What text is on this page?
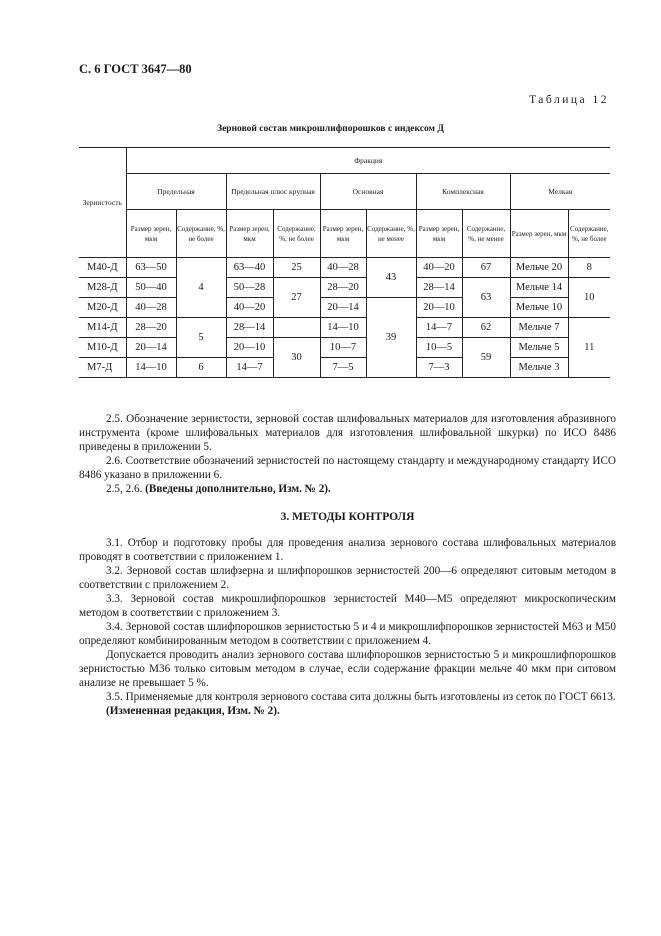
С. 6 ГОСТ 3647—80
Таблица 12
Зерновой состав микрошлифпорошков с индексом Д
Зернистость	Фракция									
	Предельная		Предельная плюс крупная		Основная		Комплексная		Мелкая	
	Размер зерен, мкм	Содержание, %, не более	Размер зерен, мкм	Содержание, %, не более	Размер зерен, мкм	Содержание, %, не менее	Размер зерен, мкм	Содержание, %, не менее	Размер зерен, мкм	Содержание, %, не более
М40-Д	63—50	4	63—40	25	40—28	43	40—20	67	Мельче 20	8
М28-Д	50—40		50—28	27	28—20		28—14	63	Мельче 14	10
М20-Д	40—28		40—20		20—14	39	20—10		Мельче 10	
М14-Д	28—20	5	28—14		14—10		14—7	62	Мельче 7	11
М10-Д	20—14		20—10	30	10—7		10—5	59	Мельче 5	
М7-Д	14—10	6	14—7		7—5		7—3		Мельче 3	

2.5. Обозначение зернистости, зерновой состав шлифовальных материалов для изготовления абразивного инструмента (кроме шлифовальных материалов для изготовления шлифовальной шкурки) по ИСО 8486 приведены в приложении 5.

2.6. Соответствие обозначений зернистостей по настоящему стандарту и международному стандарту ИСО 8486 указано в приложении 6.

2.5, 2.6. (Введены дополнительно, Изм. № 2).

3. МЕТОДЫ КОНТРОЛЯ

3.1. Отбор и подготовку пробы для проведения анализа зернового состава шлифовальных материалов проводят в соответствии с приложением 1.

3.2. Зерновой состав шлифзерна и шлифпорошков зернистостей 200—6 определяют ситовым методом в соответствии с приложением 2.

3.3. Зерновой состав микрошлифпорошков зернистостей М40—М5 определяют микроскопическим методом в соответствии с приложением 3.

3.4. Зерновой состав шлифпорошков зернистостью 5 и 4 и микрошлифпорошков зернистостей М63 и М50 определяют комбинированным методом в соответствии с приложением 4.

Допускается проводить анализ зернового состава шлифпорошков зернистостью 5 и микрошлифпорошков зернистостью М36 только ситовым методом в случае, если содержание фракции мельче 40 мкм при ситовом анализе не превышает 5 %.

3.5. Применяемые для контроля зернового состава сита должны быть изготовлены из сеток по ГОСТ 6613.

(Измененная редакция, Изм. № 2).
